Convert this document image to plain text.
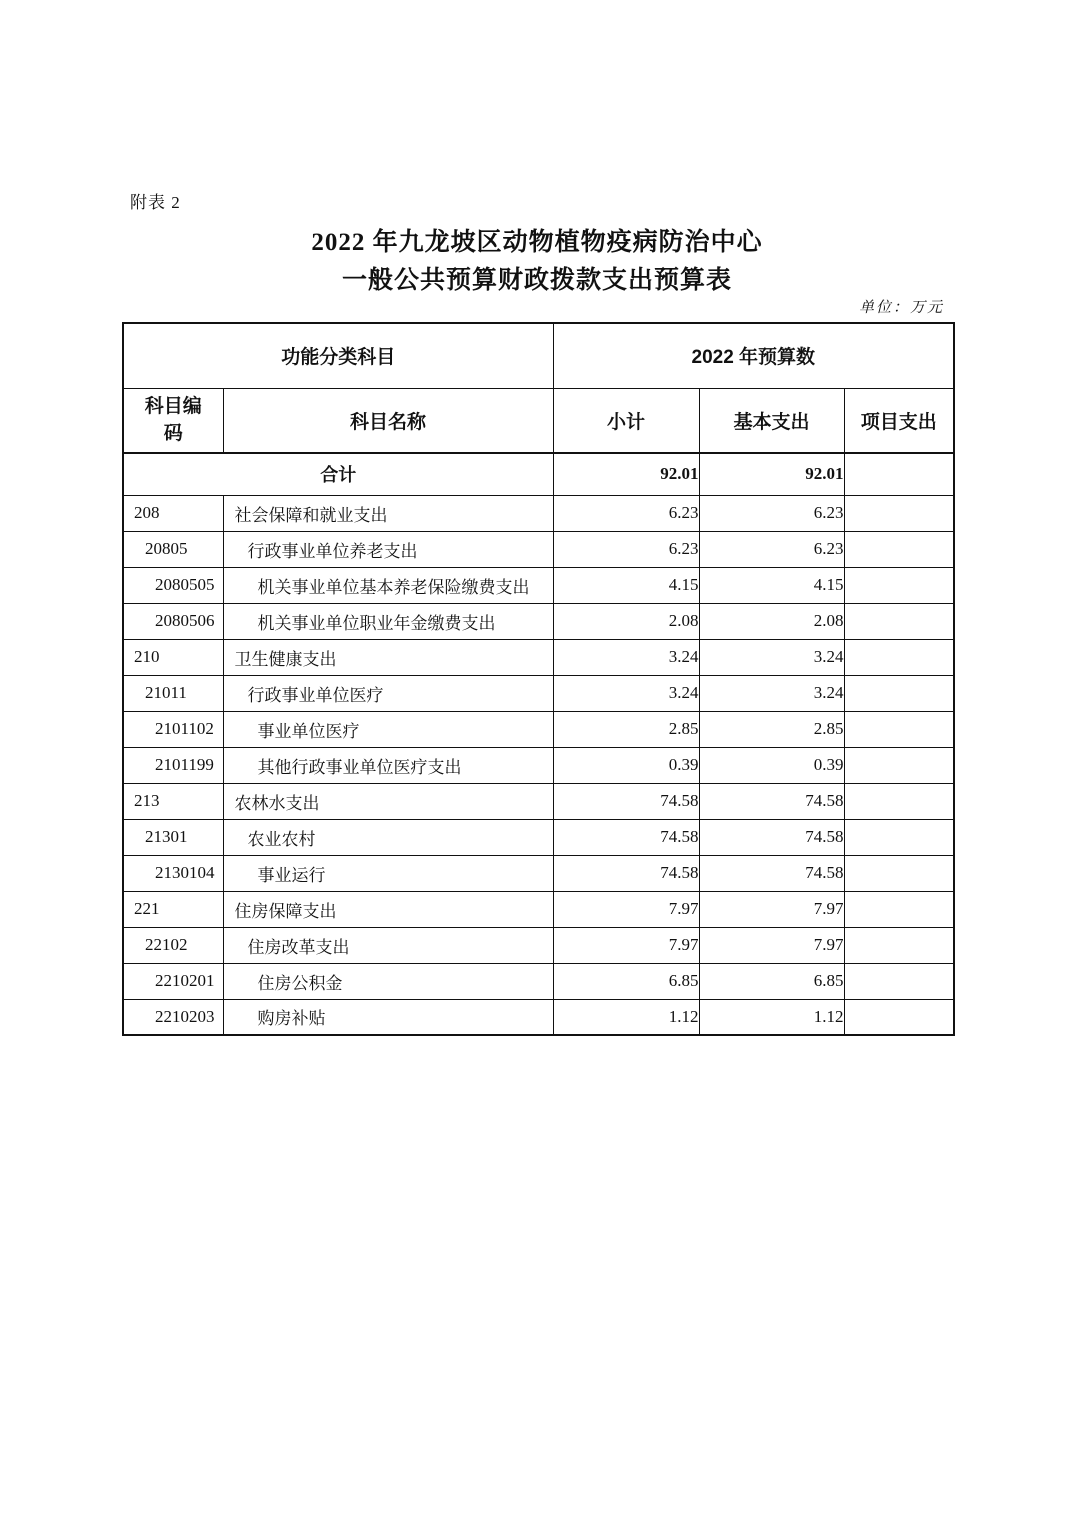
附表 2
2022 年九龙坡区动物植物疫病防治中心
一般公共预算财政拨款支出预算表
单位：万元
功能分类科目		2022 年预算数		

科目编码	科目名称	小计	基本支出	项目支出
合计		92.01	92.01	
208	社会保障和就业支出	6.23	6.23	
20805	行政事业单位养老支出	6.23	6.23	
2080505	机关事业单位基本养老保险缴费支出	4.15	4.15	
2080506	机关事业单位职业年金缴费支出	2.08	2.08	
210	卫生健康支出	3.24	3.24	
21011	行政事业单位医疗	3.24	3.24	
2101102	事业单位医疗	2.85	2.85	
2101199	其他行政事业单位医疗支出	0.39	0.39	
213	农林水支出	74.58	74.58	
21301	农业农村	74.58	74.58	
2130104	事业运行	74.58	74.58	
221	住房保障支出	7.97	7.97	
22102	住房改革支出	7.97	7.97	
2210201	住房公积金	6.85	6.85	
2210203	购房补贴	1.12	1.12	
